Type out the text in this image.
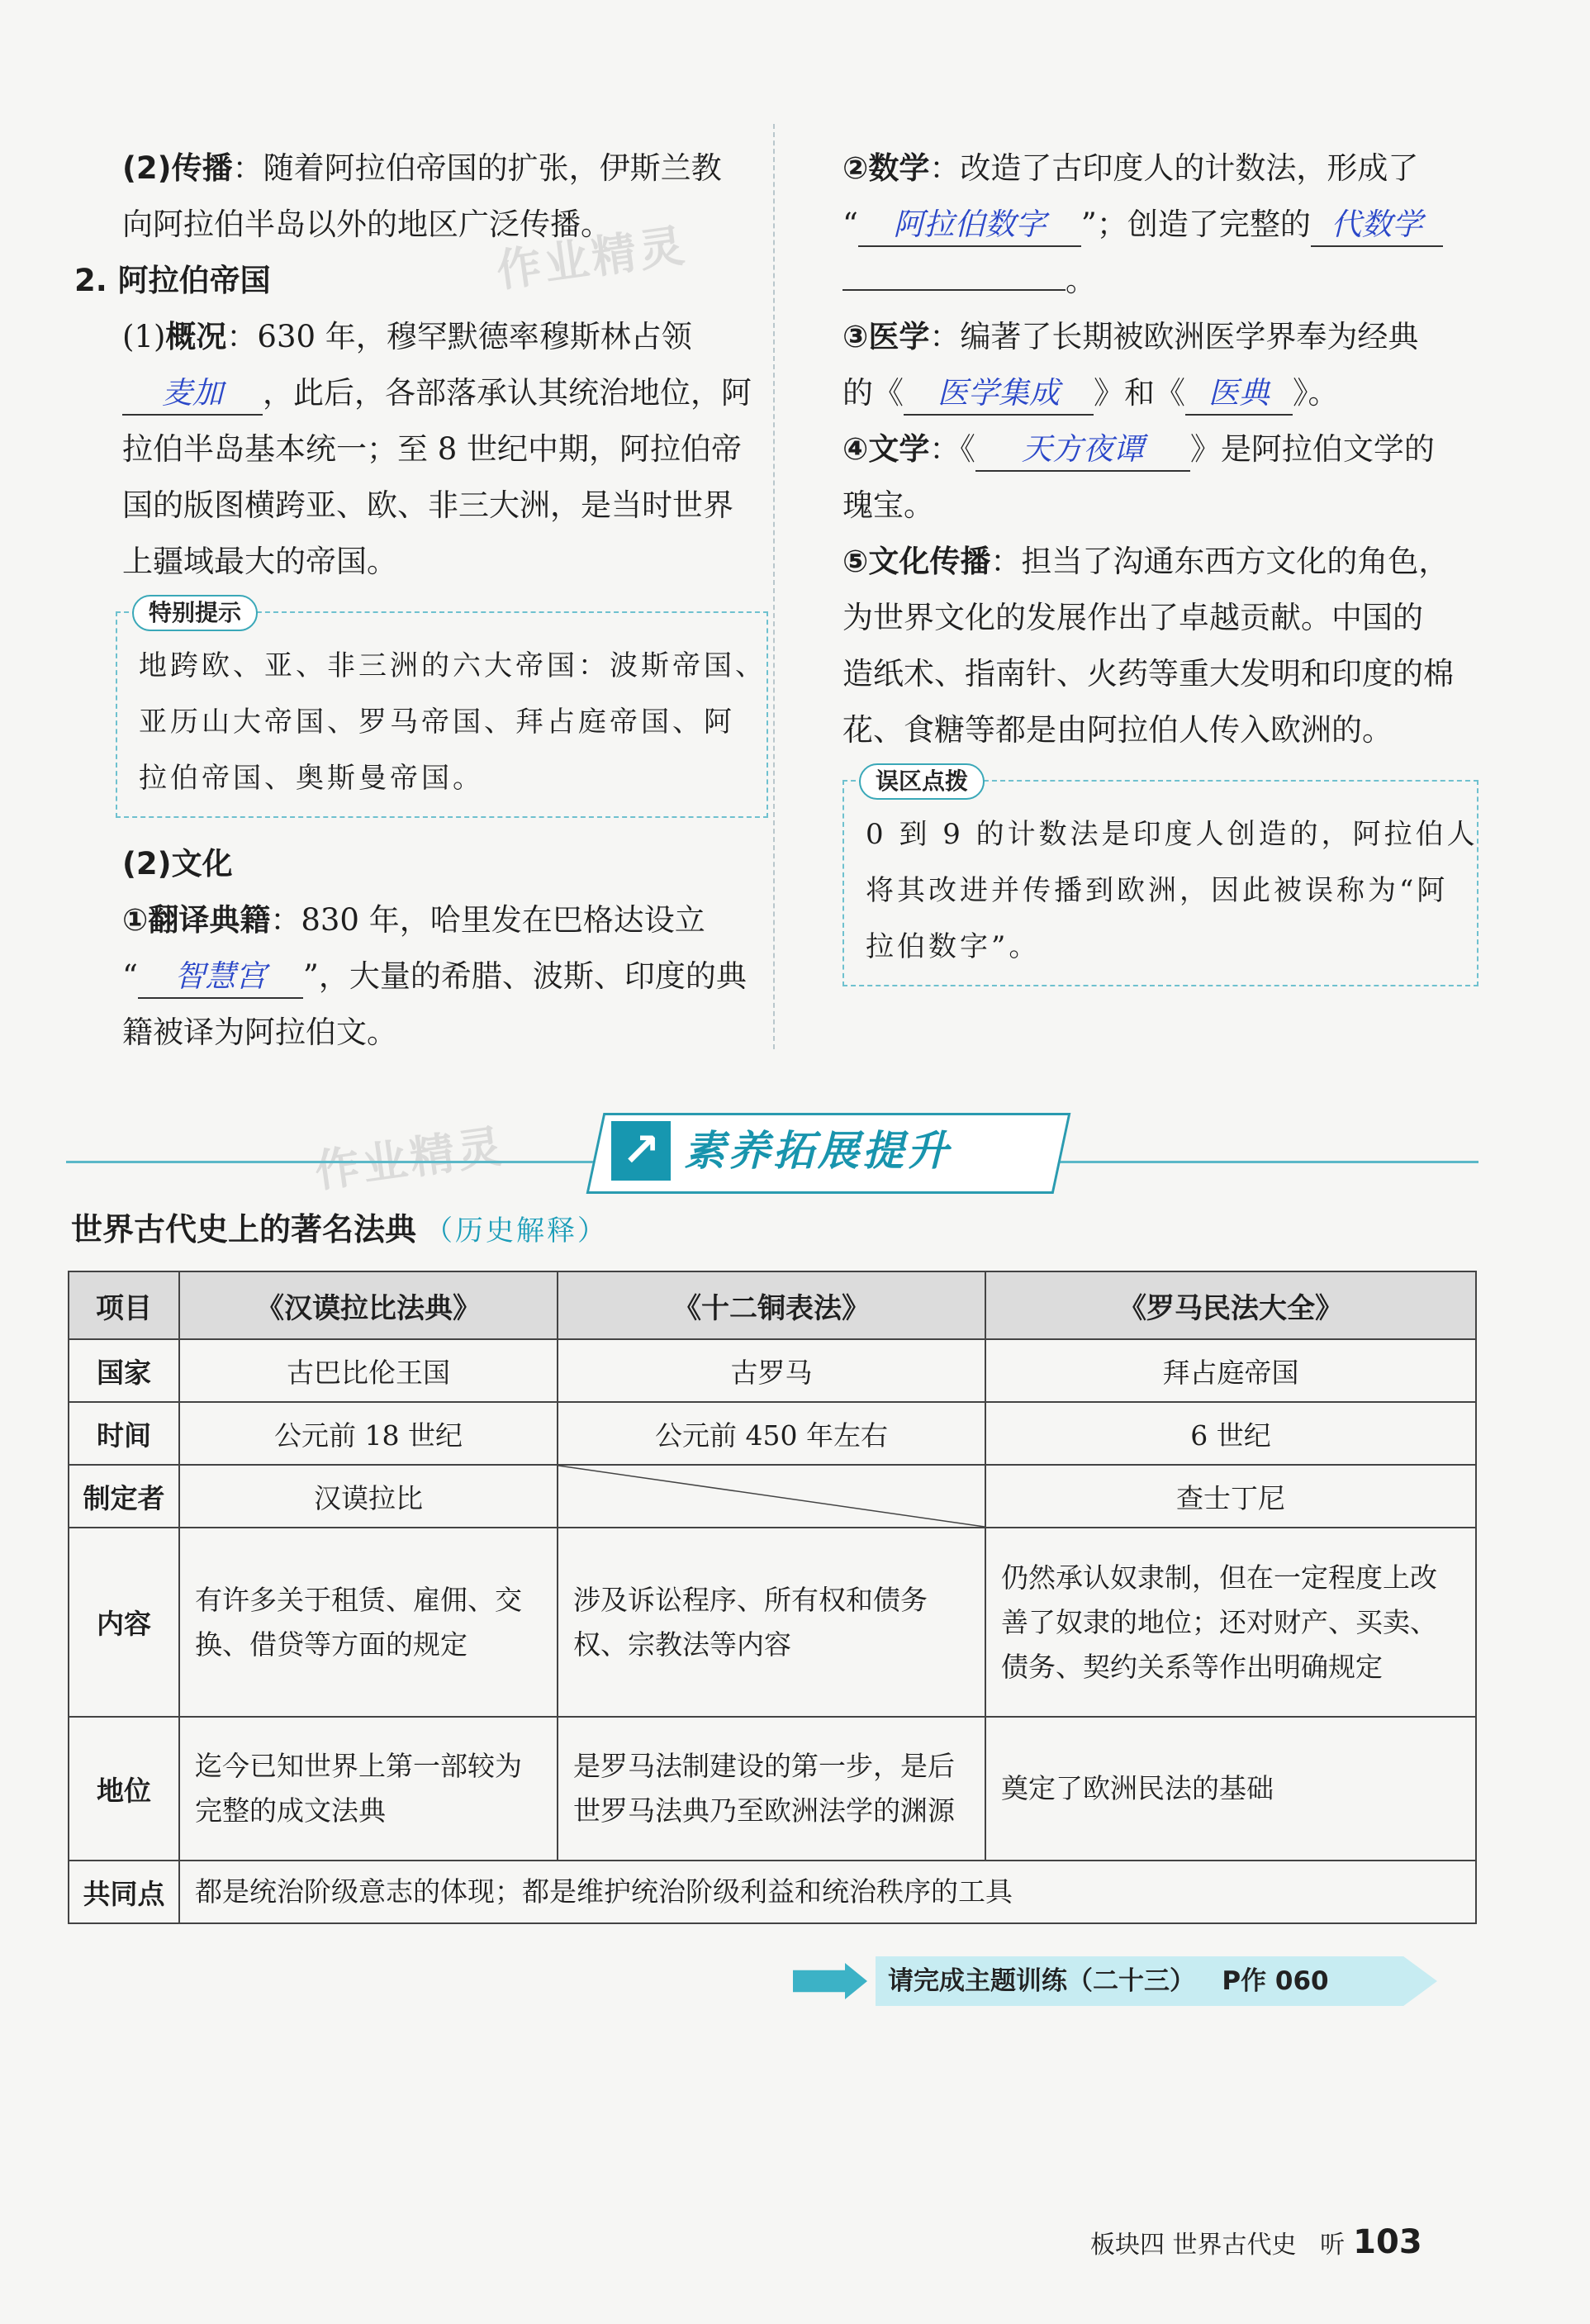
作业精灵
作业精灵
(2)传播：随着阿拉伯帝国的扩张，伊斯兰教
向阿拉伯半岛以外的地区广泛传播。
2. 阿拉伯帝国
(1)概况：630 年，穆罕默德率穆斯林占领
麦加 ，此后，各部落承认其统治地位，阿
拉伯半岛基本统一；至 8 世纪中期，阿拉伯帝
国的版图横跨亚、欧、非三大洲，是当时世界
上疆域最大的帝国。
特别提示
地跨欧、亚、非三洲的六大帝国：波斯帝国、
亚历山大帝国、罗马帝国、拜占庭帝国、阿
拉伯帝国、奥斯曼帝国。
(2)文化
①翻译典籍：830 年，哈里发在巴格达设立
“ 智慧宫 ”，大量的希腊、波斯、印度的典
籍被译为阿拉伯文。
②数学：改造了古印度人的计数法，形成了
“ 阿拉伯数字 ”；创造了完整的 代数学
。
③医学：编著了长期被欧洲医学界奉为经典
的《 医学集成 》和《 医典 》。
④文学：《 天方夜谭 》是阿拉伯文学的
瑰宝。
⑤文化传播：担当了沟通东西方文化的角色，
为世界文化的发展作出了卓越贡献。中国的
造纸术、指南针、火药等重大发明和印度的棉
花、食糖等都是由阿拉伯人传入欧洲的。
误区点拨
0 到 9 的计数法是印度人创造的，阿拉伯人
将其改进并传播到欧洲，因此被误称为“阿
拉伯数字”。
↗ 素养拓展提升
世界古代史上的著名法典 （历史解释）
项目	《汉谟拉比法典》	《十二铜表法》	《罗马民法大全》
国家	古巴比伦王国	古罗马	拜占庭帝国
时间	公元前 18 世纪	公元前 450 年左右	6 世纪
制定者	汉谟拉比		查士丁尼
内容	有许多关于租赁、雇佣、交换、借贷等方面的规定	涉及诉讼程序、所有权和债务权、宗教法等内容	仍然承认奴隶制，但在一定程度上改善了奴隶的地位；还对财产、买卖、债务、契约关系等作出明确规定
地位	迄今已知世界上第一部较为完整的成文法典	是罗马法制建设的第一步，是后世罗马法典乃至欧洲法学的渊源	奠定了欧洲民法的基础
共同点	都是统治阶级意志的体现；都是维护统治阶级利益和统治秩序的工具		
请完成主题训练（二十三） P作 060
板块四 世界古代史 听 103
